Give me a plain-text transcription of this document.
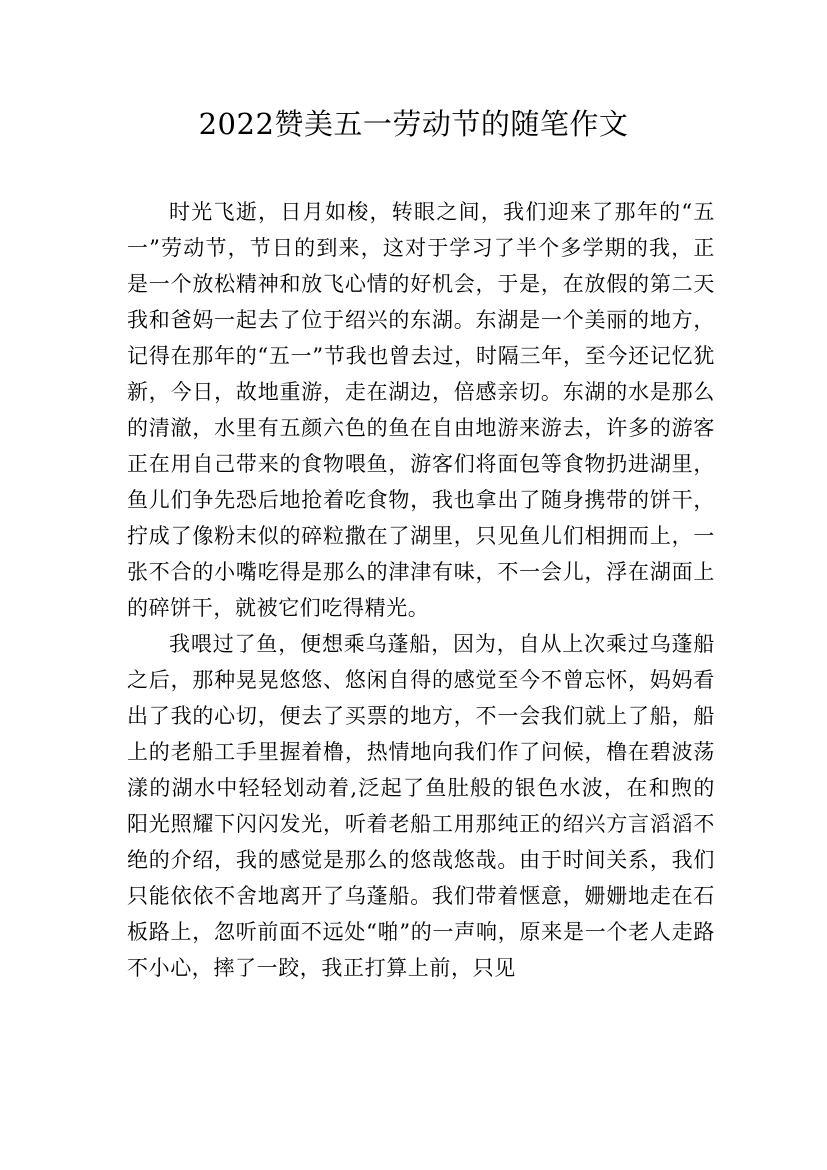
2022赞美五一劳动节的随笔作文

时光飞逝，日月如梭，转眼之间，我们迎来了那年的“五一”劳动节，节日的到来，这对于学习了半个多学期的我，正是一个放松精神和放飞心情的好机会，于是，在放假的第二天我和爸妈一起去了位于绍兴的东湖。东湖是一个美丽的地方，记得在那年的“五一”节我也曾去过，时隔三年，至今还记忆犹新，今日，故地重游，走在湖边，倍感亲切。东湖的水是那么的清澈，水里有五颜六色的鱼在自由地游来游去，许多的游客正在用自己带来的食物喂鱼，游客们将面包等食物扔进湖里，鱼儿们争先恐后地抢着吃食物，我也拿出了随身携带的饼干，拧成了像粉末似的碎粒撒在了湖里，只见鱼儿们相拥而上，一张不合的小嘴吃得是那么的津津有味，不一会儿，浮在湖面上的碎饼干，就被它们吃得精光。

我喂过了鱼，便想乘乌蓬船，因为，自从上次乘过乌蓬船之后，那种晃晃悠悠、悠闲自得的感觉至今不曾忘怀，妈妈看出了我的心切，便去了买票的地方，不一会我们就上了船，船上的老船工手里握着橹，热情地向我们作了问候，橹在碧波荡漾的湖水中轻轻划动着,泛起了鱼肚般的银色水波，在和煦的阳光照耀下闪闪发光，听着老船工用那纯正的绍兴方言滔滔不绝的介绍，我的感觉是那么的悠哉悠哉。由于时间关系，我们只能依依不舍地离开了乌蓬船。我们带着惬意，姗姗地走在石板路上，忽听前面不远处“啪”的一声响，原来是一个老人走路不小心，摔了一跤，我正打算上前，只见
